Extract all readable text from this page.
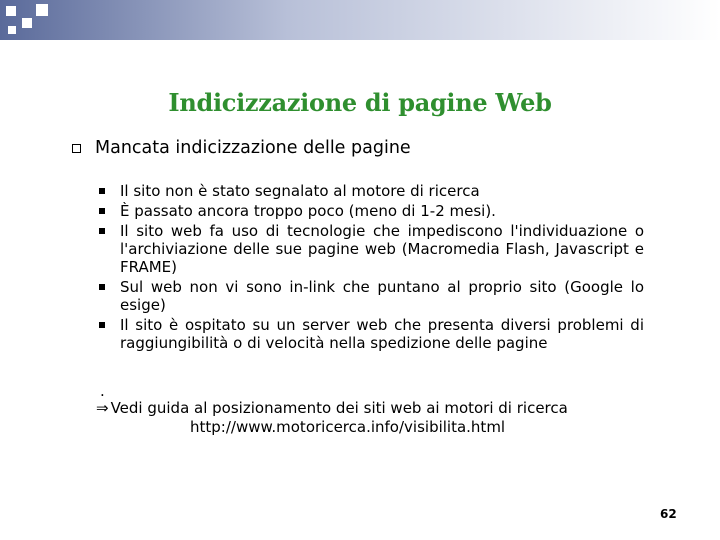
Indicizzazione di pagine Web
Mancata indicizzazione delle pagine
Il sito non è stato segnalato al motore di ricerca
È passato ancora troppo poco (meno di 1-2 mesi).
Il sito web fa uso di tecnologie che impediscono l'individuazione o l'archiviazione delle sue pagine web (Macromedia Flash, Javascript e FRAME)
Sul web non vi sono in-link che puntano al proprio sito (Google lo esige)
Il sito è ospitato su un server web che presenta diversi problemi di raggiungibilità o di velocità nella spedizione delle pagine
.
⇒ Vedi guida al posizionamento dei siti web ai motori di ricerca
http://www.motoricerca.info/visibilita.html
62
